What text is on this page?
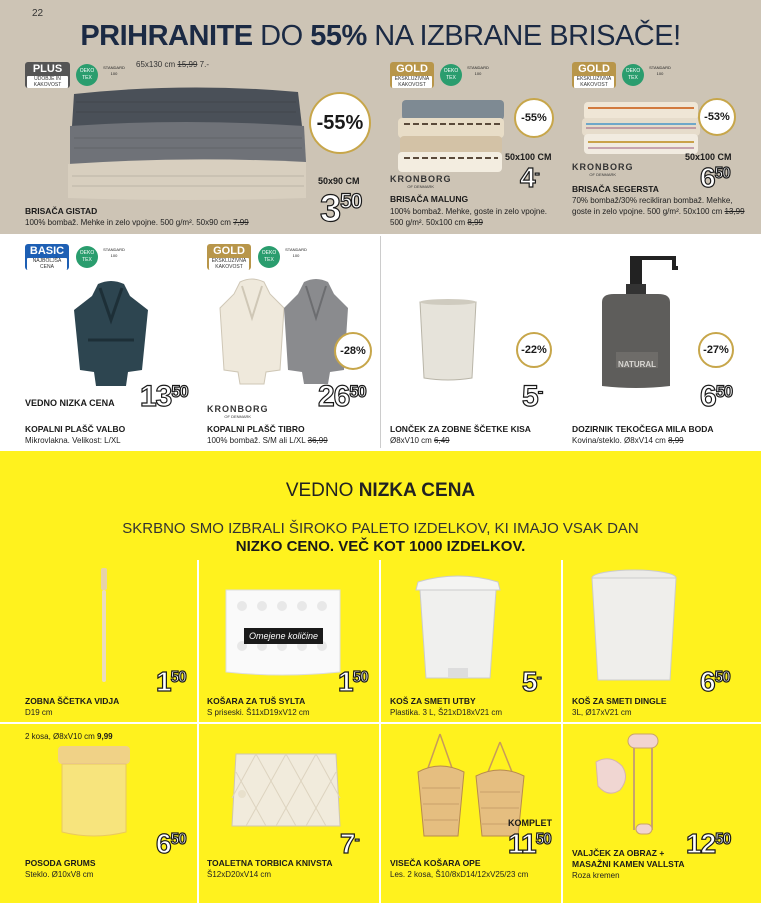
22
PRIHRANITE DO 55% NA IZBRANE BRISAČE!
PLUS
UDOBJE IN KAKOVOST
OEKO TEX
STANDARD 100
65x130 cm 15,99 7.-
-55%
50x90 CM
$3^{50}$
BRISAČA GISTAD
100% bombaž. Mehke in zelo vpojne. 500 g/m². 50x90 cm 7,99
GOLD
EKSKLUZIVNA KAKOVOST
OEKO TEX
STANDARD 100
-55%
50x100 CM
KRONBORG
OF DENMARK	4-
BRISAČA MALUNG
100% bombaž. Mehke, goste in zelo vpojne. 500 g/m². 50x100 cm 8,99
GOLD
EKSKLUZIVNA KAKOVOST
OEKO TEX
STANDARD 100
-53%
50x100 CM
KRONBORG
OF DENMARK	$6^{50}$
BRISAČA SEGERSTA
70% bombaž/30% recikliran bombaž. Mehke, goste in zelo vpojne. 500 g/m². 50x100 cm 13,99
BASIC
NAJBOLJŠA CENA
OEKO TEX
STANDARD 100
VEDNO NIZKA CENA $13^{50}$
KOPALNI PLAŠČ VALBO
Mikrovlakna. Velikost: L/XL
GOLD
EKSKLUZIVNA KAKOVOST
OEKO TEX
STANDARD 100
-28%
KRONBORG
OF DENMARK
$26^{50}$
KOPALNI PLAŠČ TIBRO
100% bombaž. S/M ali L/XL 36,99
-22%
5-
LONČEK ZA ZOBNE ŠČETKE KISA
Ø8xV10 cm 6,49
NATURAL
-27%
$6^{50}$
DOZIRNIK TEKOČEGA MILA BODA
Kovina/steklo. Ø8xV14 cm 8,99
VEDNO NIZKA CENA
SKRBNO SMO IZBRALI ŠIROKO PALETO IZDELKOV, KI IMAJO VSAK DAN
NIZKO CENO. VEČ KOT 1000 IZDELKOV.
$1^{50}$
ZOBNA ŠČETKA VIDJA
D19 cm
Omejene količine
$1^{50}$
KOŠARA ZA TUŠ SYLTA
S priseski. Š11xD19xV12 cm
5-
KOŠ ZA SMETI UTBY
Plastika. 3 L, Š21xD18xV21 cm
$6^{50}$
KOŠ ZA SMETI DINGLE
3L, Ø17xV21 cm
2 kosa, Ø8xV10 cm 9,99
$6^{50}$
POSODA GRUMS
Steklo. Ø10xV8 cm
7-
TOALETNA TORBICA KNIVSTA
Š12xD20xV14 cm
KOMPLET
$11^{50}$
VISEČA KOŠARA OPE
Les. 2 kosa, Š10/8xD14/12xV25/23 cm
$12^{50}$
VALJČEK ZA OBRAZ + MASAŽNI KAMEN VALLSTA
Roza kremen
